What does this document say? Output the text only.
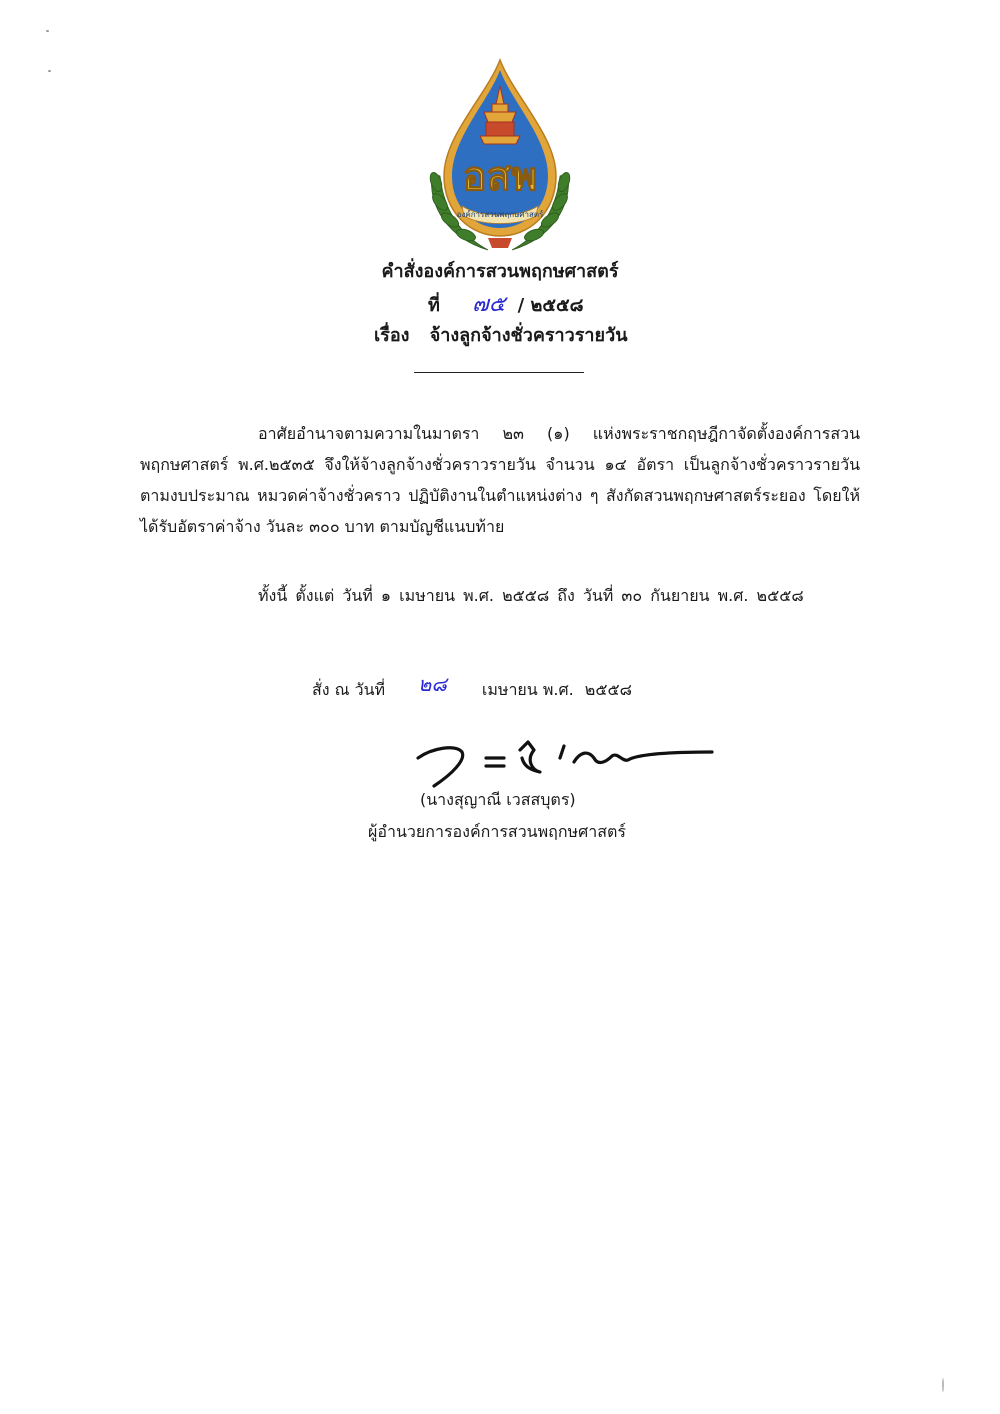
อสพ
องค์การสวนพฤกษศาสตร์
คำสั่งองค์การสวนพฤกษศาสตร์
ที่ ๗๕ / ๒๕๕๘
เรื่อง จ้างลูกจ้างชั่วคราวรายวัน

อาศัยอำนาจตามความในมาตรา ๒๓ (๑) แห่งพระราชกฤษฎีกาจัดตั้งองค์การสวนพฤกษศาสตร์ พ.ศ.๒๕๓๕ จึงให้จ้างลูกจ้างชั่วคราวรายวัน จำนวน ๑๔ อัตรา เป็นลูกจ้างชั่วคราวรายวันตามงบประมาณ หมวดค่าจ้างชั่วคราว ปฏิบัติงานในตำแหน่งต่าง ๆ สังกัดสวนพฤกษศาสตร์ระยอง โดยให้ได้รับอัตราค่าจ้าง วันละ ๓๐๐ บาท ตามบัญชีแนบท้าย

ทั้งนี้ ตั้งแต่ วันที่ ๑ เมษายน พ.ศ. ๒๕๕๘ ถึง วันที่ ๓๐ กันยายน พ.ศ. ๒๕๕๘
สั่ง ณ วันที่ ๒๘ เมษายน พ.ศ. ๒๕๕๘
(นางสุญาณี เวสสบุตร)
ผู้อำนวยการองค์การสวนพฤกษศาสตร์
